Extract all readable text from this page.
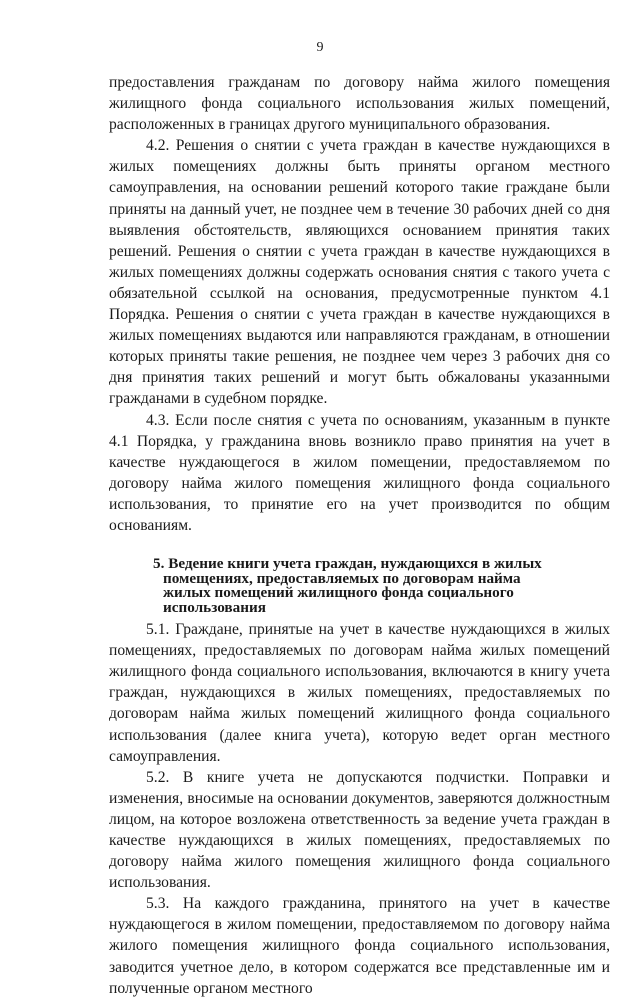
9

предоставления гражданам по договору найма жилого помещения жилищного фонда социального использования жилых помещений, расположенных в границах другого муниципального образования.

4.2. Решения о снятии с учета граждан в качестве нуждающихся в жилых помещениях должны быть приняты органом местного самоуправления, на основании решений которого такие граждане были приняты на данный учет, не позднее чем в течение 30 рабочих дней со дня выявления обстоятельств, являющихся основанием принятия таких решений. Решения о снятии с учета граждан в качестве нуждающихся в жилых помещениях должны содержать основания снятия с такого учета с обязательной ссылкой на основания, предусмотренные пунктом 4.1 Порядка. Решения о снятии с учета граждан в качестве нуждающихся в жилых помещениях выдаются или направляются гражданам, в отношении которых приняты такие решения, не позднее чем через 3 рабочих дня со дня принятия таких решений и могут быть обжалованы указанными гражданами в судебном порядке.

4.3. Если после снятия с учета по основаниям, указанным в пункте 4.1 Порядка, у гражданина вновь возникло право принятия на учет в качестве нуждающегося в жилом помещении, предоставляемом по договору найма жилого помещения жилищного фонда социального использования, то принятие его на учет производится по общим основаниям.

5. Ведение книги учета граждан, нуждающихся в жилых помещениях, предоставляемых по договорам найма жилых помещений жилищного фонда социального использования

5.1. Граждане, принятые на учет в качестве нуждающихся в жилых помещениях, предоставляемых по договорам найма жилых помещений жилищного фонда социального использования, включаются в книгу учета граждан, нуждающихся в жилых помещениях, предоставляемых по договорам найма жилых помещений жилищного фонда социального использования (далее книга учета), которую ведет орган местного самоуправления.

5.2. В книге учета не допускаются подчистки. Поправки и изменения, вносимые на основании документов, заверяются должностным лицом, на которое возложена ответственность за ведение учета граждан в качестве нуждающихся в жилых помещениях, предоставляемых по договору найма жилого помещения жилищного фонда социального использования.

5.3. На каждого гражданина, принятого на учет в качестве нуждающегося в жилом помещении, предоставляемом по договору найма жилого помещения жилищного фонда социального использования, заводится учетное дело, в котором содержатся все представленные им и полученные органом местного
